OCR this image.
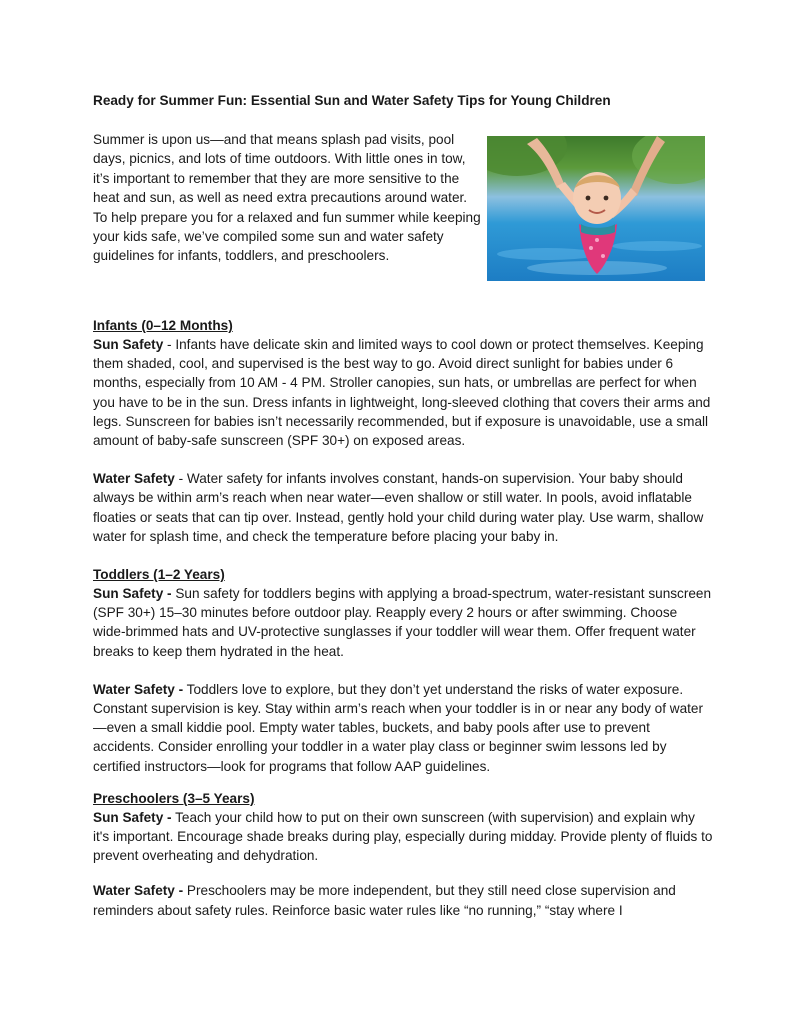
Ready for Summer Fun: Essential Sun and Water Safety Tips for Young Children

Summer is upon us—and that means splash pad visits, pool days, picnics, and lots of time outdoors. With little ones in tow, it’s important to remember that they are more sensitive to the heat and sun, as well as need extra precautions around water. To help prepare you for a relaxed and fun summer while keeping your kids safe, we’ve compiled some sun and water safety guidelines for infants, toddlers, and preschoolers.

Infants (0–12 Months)

Sun Safety - Infants have delicate skin and limited ways to cool down or protect themselves. Keeping them shaded, cool, and supervised is the best way to go. Avoid direct sunlight for babies under 6 months, especially from 10 AM - 4 PM. Stroller canopies, sun hats, or umbrellas are perfect for when you have to be in the sun. Dress infants in lightweight, long-sleeved clothing that covers their arms and legs. Sunscreen for babies isn’t necessarily recommended, but if exposure is unavoidable, use a small amount of baby-safe sunscreen (SPF 30+) on exposed areas.

Water Safety - Water safety for infants involves constant, hands-on supervision. Your baby should always be within arm’s reach when near water—even shallow or still water. In pools, avoid inflatable floaties or seats that can tip over. Instead, gently hold your child during water play. Use warm, shallow water for splash time, and check the temperature before placing your baby in.

Toddlers (1–2 Years)

Sun Safety - Sun safety for toddlers begins with applying a broad-spectrum, water-resistant sunscreen (SPF 30+) 15–30 minutes before outdoor play. Reapply every 2 hours or after swimming. Choose wide-brimmed hats and UV-protective sunglasses if your toddler will wear them. Offer frequent water breaks to keep them hydrated in the heat.

Water Safety - Toddlers love to explore, but they don’t yet understand the risks of water exposure. Constant supervision is key. Stay within arm’s reach when your toddler is in or near any body of water—even a small kiddie pool. Empty water tables, buckets, and baby pools after use to prevent accidents. Consider enrolling your toddler in a water play class or beginner swim lessons led by certified instructors—look for programs that follow AAP guidelines.

Preschoolers (3–5 Years)

Sun Safety - Teach your child how to put on their own sunscreen (with supervision) and explain why it's important. Encourage shade breaks during play, especially during midday. Provide plenty of fluids to prevent overheating and dehydration.

Water Safety - Preschoolers may be more independent, but they still need close supervision and reminders about safety rules. Reinforce basic water rules like “no running,” “stay where I
